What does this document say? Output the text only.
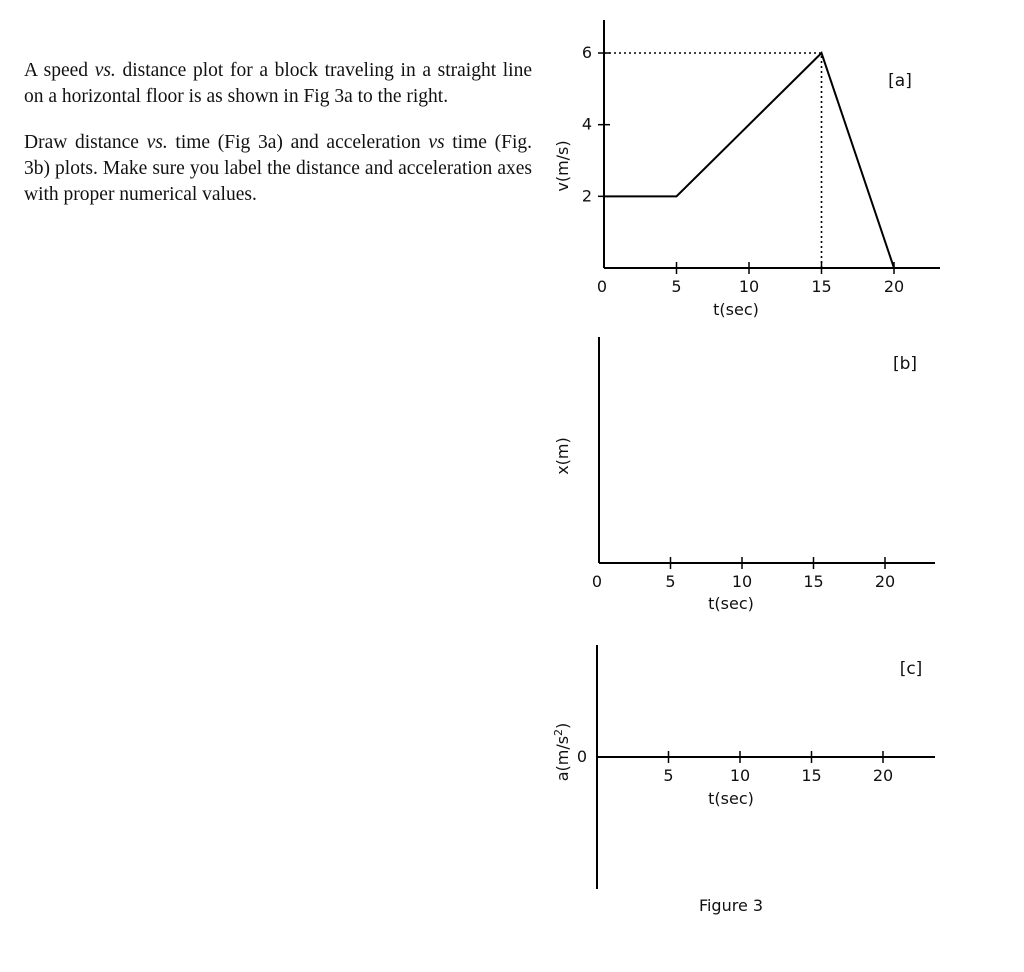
A speed vs. distance plot for a block traveling in a straight line on a horizontal floor is as shown in Fig 3a to the right.

Draw distance vs. time (Fig 3a) and acceleration vs time (Fig. 3b) plots. Make sure you label the distance and acceleration axes with proper numerical values.

0	5	10	15	20
2
4
6
t(sec)
v(m/s)
[a]
0	5	10	15	20
t(sec)
x(m)
[b]
5	10	15	20
0
t(sec)
$a(m/s^2)$
[c]
Figure 3
